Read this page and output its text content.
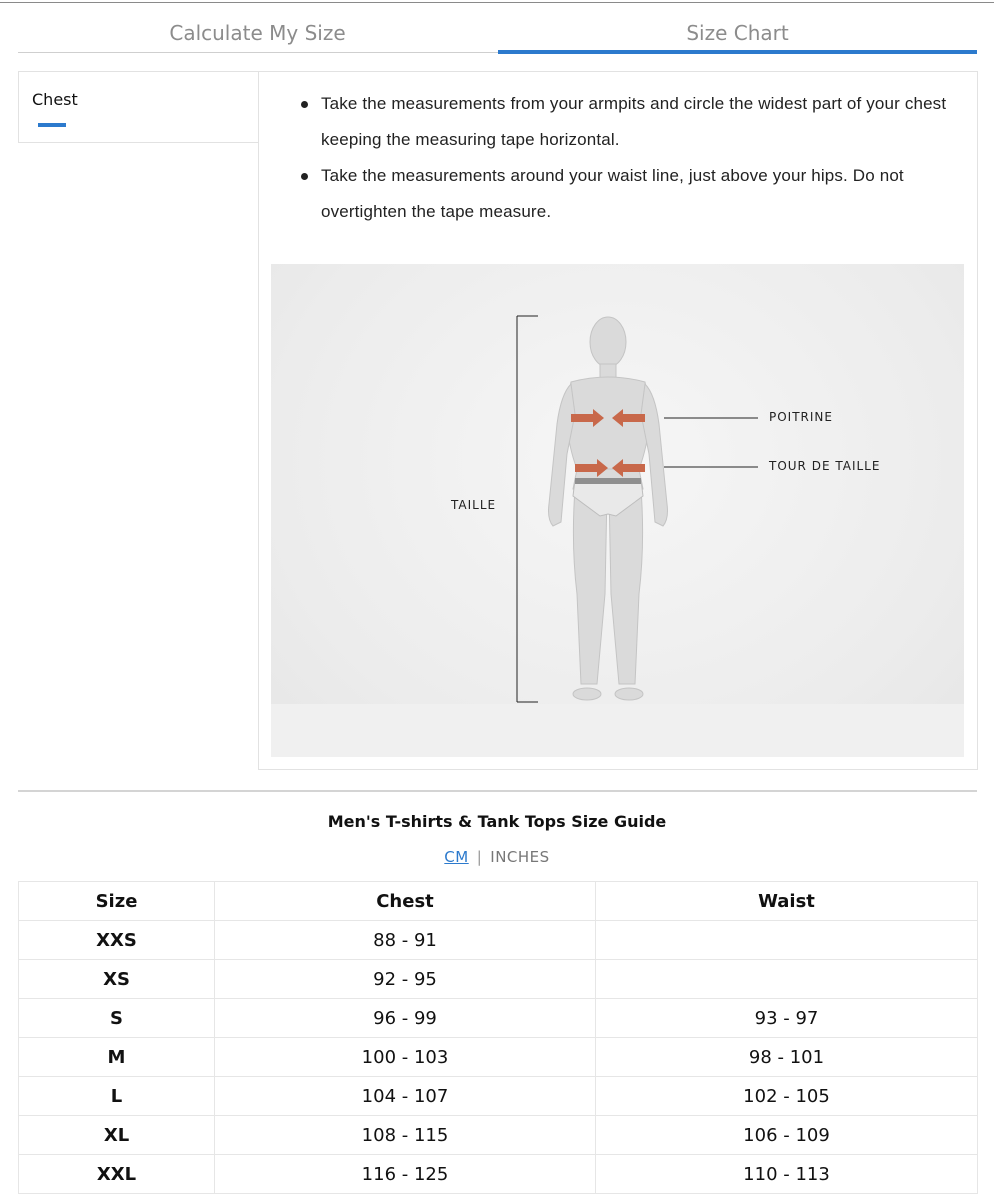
Calculate My Size	Size Chart
Chest	Take the measurements from your armpits and circle the widest part of your chest keeping the measuring tape horizontal.
Take the measurements around your waist line, just above your hips. Do not overtighten the tape measure.
TAILLE
POITRINE
TOUR DE TAILLE
Men's T-shirts & Tank Tops Size Guide
CM | INCHES
Size	Chest	Waist
XXS	88 - 91	
XS	92 - 95	
S	96 - 99	93 - 97
M	100 - 103	98 - 101
L	104 - 107	102 - 105
XL	108 - 115	106 - 109
XXL	116 - 125	110 - 113
